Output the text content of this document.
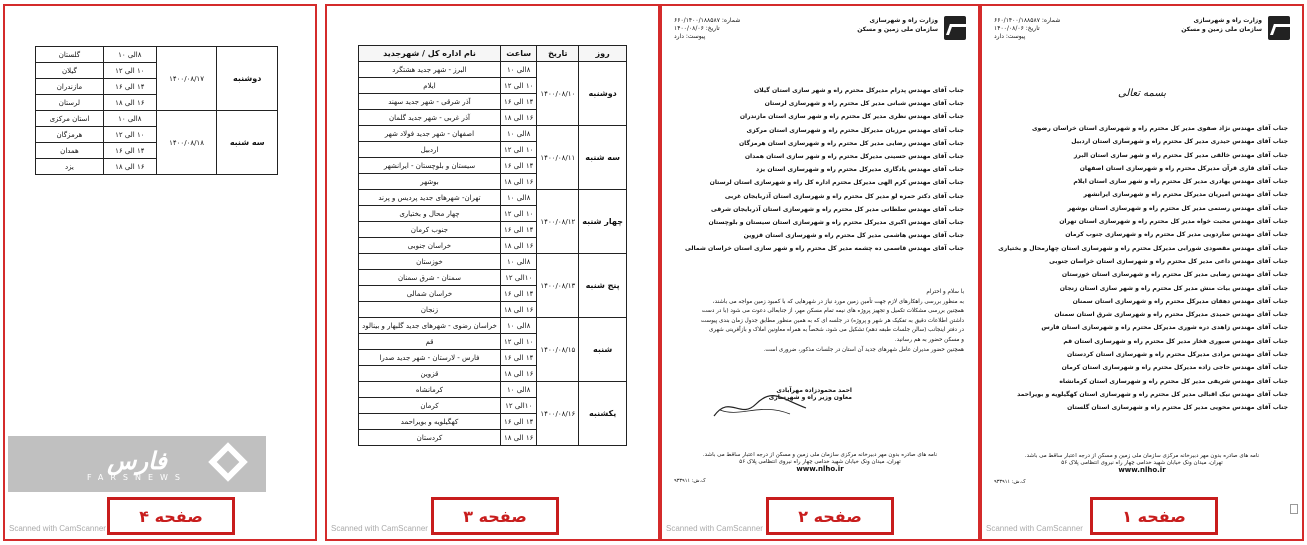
دوشنبه	۱۴۰۰/۰۸/۱۷	۸الی ۱۰	گلستان
		۱۰ الی ۱۲	گیلان
		۱۴ الی ۱۶	مازندران
		۱۶ الی ۱۸	لرستان
سه شنبه	۱۴۰۰/۰۸/۱۸	۸الی ۱۰	استان مرکزی
		۱۰ الی ۱۲	هرمزگان
		۱۴ الی ۱۶	همدان
		۱۶ الی ۱۸	یزد
فارس
FARSNEWS
صفحه ۴
Scanned with CamScanner
روز	تاریخ	ساعت	نام اداره کل / شهرجدید
دوشنبه	۱۴۰۰/۰۸/۱۰	۸الی ۱۰	البرز - شهر جدید هشتگرد
		۱۰ الی ۱۲	ایلام
		۱۴ الی ۱۶	آذر شرقی - شهر جدید سهند
		۱۶ الی ۱۸	آذر غربی - شهر جدید گلمان
سه شنبه	۱۴۰۰/۰۸/۱۱	۸الی ۱۰	اصفهان - شهر جدید فولاد شهر
		۱۰ الی ۱۲	اردبیل
		۱۴ الی ۱۶	سیستان و بلوچستان - ایرانشهر
		۱۶ الی ۱۸	بوشهر
چهار شنبه	۱۴۰۰/۰۸/۱۲	۸الی ۱۰	تهران- شهرهای جدید پردیس و پرند
		۱۰ الی ۱۲	چهار محال و بختیاری
		۱۴ الی ۱۶	جنوب کرمان
		۱۶ الی ۱۸	خراسان جنوبی
پنج شنبه	۱۴۰۰/۰۸/۱۳	۸الی ۱۰	خوزستان
		۱۰الی ۱۲	سمنان - شرق سمنان
		۱۴ الی ۱۶	خراسان شمالی
		۱۶ الی ۱۸	زنجان
شنبه	۱۴۰۰/۰۸/۱۵	۸الی ۱۰	خراسان رضوی - شهرهای جدید گلبهار و بینالود
		۱۰ الی ۱۲	قم
		۱۴ الی ۱۶	فارس - لارستان - شهر جدید صدرا
		۱۶ الی ۱۸	قزوین
یکشنبه	۱۴۰۰/۰۸/۱۶	۸الی ۱۰	کرمانشاه
		۱۰الی ۱۲	کرمان
		۱۴ الی ۱۶	کهگیلویه و بویراحمد
		۱۶ الی ۱۸	کردستان
صفحه ۳
Scanned with CamScanner
وزارت راه و شهرسازی
سازمان ملی زمین و مسکن
شماره: ۶۶۰/۱۴۰۰/۱۸۸۵۸۷
تاریخ: ۱۴۰۰/۰۸/۰۶
پیوست: دارد
جناب آقای مهندس پدرام مدیرکل محترم راه و شهر سازی استان گیلان
جناب آقای مهندس شبانی مدیر کل محترم راه و شهرسازی لرستان
جناب آقای مهندس نظری مدیر کل محترم راه و شهر سازی استان مازندران
جناب آقای مهندس مرزبان مدیرکل محترم راه و شهرسازی استان مرکزی
جناب آقای مهندس رضایی مدیر کل محترم راه و شهرسازی استان هرمزگان
جناب آقای مهندس حسینی مدیرکل محترم راه و شهر سازی استان همدان
جناب آقای مهندس یادگاری مدیرکل محترم راه و شهرسازی استان یزد
جناب آقای مهندس کرم الهی مدیرکل محترم اداره کل راه و شهرسازی استان لرستان
جناب آقای دکتر حمزه لو مدیر کل محترم راه و شهرسازی استان آذربایجان غربی
جناب آقای مهندس سلطانی مدیر کل محترم راه و شهرسازی استان آذربایجان شرقی
جناب آقای مهندس اکبری مدیرکل محترم راه و شهرسازی استان سیستان و بلوچستان
جناب آقای مهندس هاشمی مدیر کل محترم راه و شهرسازی استان قزوین
جناب آقای مهندس قاسمی ده چشمه مدیر کل محترم راه و شهر سازی استان خراسان شمالی
با سلام و احترام
به منظور بررسی راهکارهای لازم جهت تأمین زمین مورد نیاز در شهرهایی که با کمبود زمین مواجه می باشند،
همچنین بررسی مشکلات تکمیل و تجهیز پروژه های نیمه تمام مسکن مهر، از جنابعالی دعوت می شود (با در دست
داشتن اطلاعات دقیق به تفکیک هر شهر و پروژه) در جلسه ای که به همین منظور مطابق جدول زمان بندی پیوست
در دفتر اینجانب (سالن جلسات طبقه دهم) تشکیل می شود، شخصاً به همراه معاونین املاک و بازآفرینی شهری
و مسکن حضور به هم رسانید.
همچنین حضور مدیران عامل شهرهای جدید آن استان در جلسات مذکور، ضروری است.
احمد محمودزاده مهرآبادی
معاون وزیر راه و شهرسازی
نامه های صادره بدون مهر دبیرخانه مرکزی سازمان ملی زمین و مسکن از درجه اعتبار ساقط می باشد.
تهران، میدان ونک خیابان شهید خدامی چهار راه نیروی انتظامی پلاک ۵۶
www.nlho.ir
ک.ش: ۹۳۳۹۱۱
صفحه ۲
Scanned with CamScanner
وزارت راه و شهرسازی
سازمان ملی زمین و مسکن
شماره: ۶۶۰/۱۴۰۰/۱۸۸۵۸۷
تاریخ: ۱۴۰۰/۰۸/۰۶
پیوست: دارد
بسمه تعالی
جناب آقای مهندس نژاد صفوی مدیر کل محترم راه و شهرسازی استان خراسان رضوی
جناب آقای مهندس حیدری مدیر کل محترم راه و شهرسازی استان اردبیل
جناب آقای مهندس خالقی مدیر کل محترم راه و شهر سازی استان البرز
جناب آقای قاری قرآن مدیرکل محترم راه و شهرسازی استان اصفهان
جناب آقای مهندس بهادری مدیر کل محترم راه و شهر سازی استان ایلام
جناب آقای مهندس امیریان مدیرکل محترم راه و شهرسازی ایرانشهر
جناب آقای مهندس رستمی مدیر کل محترم راه و شهرسازی استان بوشهر
جناب آقای مهندس محبت خواه مدیر کل محترم راه و شهرسازی استان تهران
جناب آقای مهندس ساردویی مدیر کل محترم راه و شهرسازی جنوب کرمان
جناب آقای مهندس مقصودی شورابی مدیرکل محترم راه و شهرسازی استان چهارمحال و بختیاری
جناب آقای مهندس داعی مدیر کل محترم راه و شهرسازی استان خراسان جنوبی
جناب آقای مهندس رضایی مدیر کل محترم راه و شهرسازی استان خوزستان
جناب آقای مهندس بیات منش مدیر کل محترم راه و شهر سازی استان زنجان
جناب آقای مهندس دهقان مدیرکل محترم راه و شهرسازی استان سمنان
جناب آقای مهندس حمیدی مدیرکل محترم راه و شهرسازی شرق استان سمنان
جناب آقای مهندس زاهدی دره شوری مدیرکل محترم راه و شهرسازی استان فارس
جناب آقای مهندس صبوری فخار مدیر کل محترم راه و شهرسازی استان قم
جناب آقای مهندس مرادی مدیرکل محترم راه و شهرسازی استان کردستان
جناب آقای مهندس حاجی زاده مدیرکل محترم راه و شهرسازی استان کرمان
جناب آقای مهندس شریفی مدیر کل محترم راه و شهرسازی استان کرمانشاه
جناب آقای مهندس نیک اقبالی مدیر کل محترم راه و شهرسازی استان کهگیلویه و بویراحمد
جناب آقای مهندس محویی مدیر کل محترم راه و شهرسازی استان گلستان
نامه های صادره بدون مهر دبیرخانه مرکزی سازمان ملی زمین و مسکن از درجه اعتبار ساقط می باشد.
تهران، میدان ونک خیابان شهید خدامی چهار راه نیروی انتظامی پلاک ۵۶
www.nlho.ir
ک.ش: ۹۳۳۹۱۱
صفحه ۱
Scanned with CamScanner
